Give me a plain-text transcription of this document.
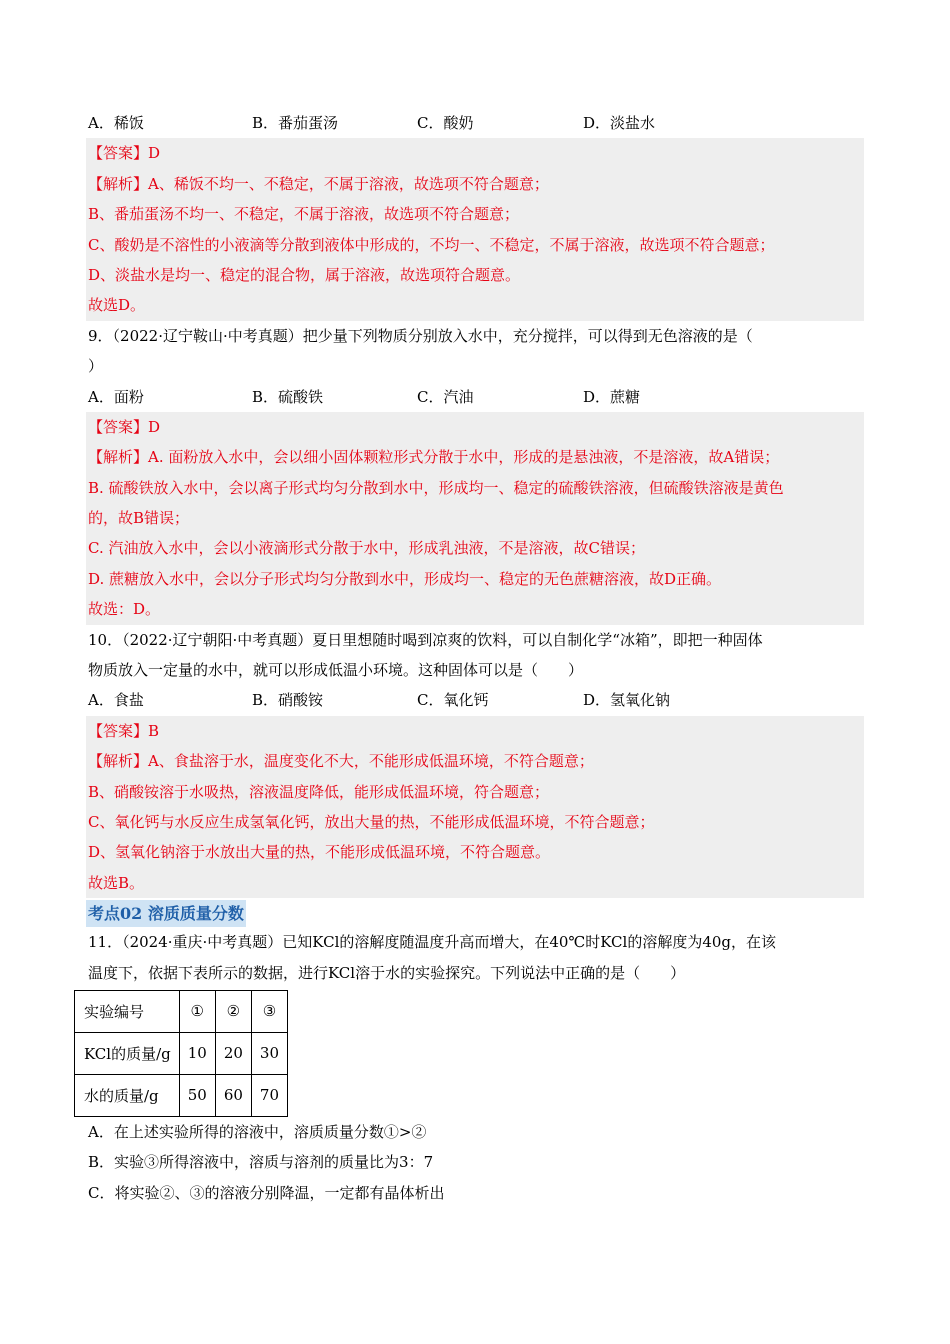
A．稀饭	B．番茄蛋汤	C．酸奶	D．淡盐水
【答案】D
【解析】A、稀饭不均一、不稳定，不属于溶液，故选项不符合题意；
B、番茄蛋汤不均一、不稳定，不属于溶液，故选项不符合题意；
C、酸奶是不溶性的小液滴等分散到液体中形成的，不均一、不稳定，不属于溶液，故选项不符合题意；
D、淡盐水是均一、稳定的混合物，属于溶液，故选项符合题意。
故选D。
9．（2022·辽宁鞍山·中考真题）把少量下列物质分别放入水中，充分搅拌，可以得到无色溶液的是（
）
A．面粉	B．硫酸铁	C．汽油	D．蔗糖
【答案】D
【解析】A. 面粉放入水中，会以细小固体颗粒形式分散于水中，形成的是悬浊液，不是溶液，故A错误；
B. 硫酸铁放入水中，会以离子形式均匀分散到水中，形成均一、稳定的硫酸铁溶液，但硫酸铁溶液是黄色
的，故B错误；
C. 汽油放入水中，会以小液滴形式分散于水中，形成乳浊液，不是溶液，故C错误；
D. 蔗糖放入水中，会以分子形式均匀分散到水中，形成均一、稳定的无色蔗糖溶液，故D正确。
故选：D。
10．（2022·辽宁朝阳·中考真题）夏日里想随时喝到凉爽的饮料，可以自制化学“冰箱”，即把一种固体
物质放入一定量的水中，就可以形成低温小环境。这种固体可以是（　　）
A．食盐	B．硝酸铵	C．氧化钙	D．氢氧化钠
【答案】B
【解析】A、食盐溶于水，温度变化不大，不能形成低温环境，不符合题意；
B、硝酸铵溶于水吸热，溶液温度降低，能形成低温环境，符合题意；
C、氧化钙与水反应生成氢氧化钙，放出大量的热，不能形成低温环境，不符合题意；
D、氢氧化钠溶于水放出大量的热，不能形成低温环境，不符合题意。
故选B。
考点02 溶质质量分数
11．（2024·重庆·中考真题）已知KCl的溶解度随温度升高而增大，在40℃时KCl的溶解度为40g，在该
温度下，依据下表所示的数据，进行KCl溶于水的实验探究。下列说法中正确的是（　　）
实验编号	①	②	③
KCl的质量/g	10	20	30
水的质量/g	50	60	70
A．在上述实验所得的溶液中，溶质质量分数①>②
B．实验③所得溶液中，溶质与溶剂的质量比为3：7
C．将实验②、③的溶液分别降温，一定都有晶体析出
